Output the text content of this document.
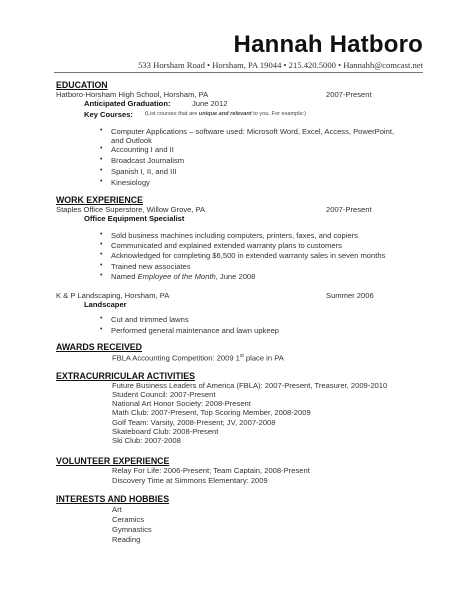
Hannah Hatboro
533 Horsham Road • Horsham, PA 19044 • 215.420.5000 • Hannahh@comcast.net
EDUCATION
Hatboro-Horsham High School, Horsham, PA	2007-Present
Anticipated Graduation:	June 2012
Key Courses: (List courses that are unique and relevant to you. For example:)
• Computer Applications – software used: Microsoft Word, Excel, Access, PowerPoint,
and Outlook
• Accounting I and II
• Broadcast Journalism
• Spanish I, II, and III
• Kinesiology
WORK EXPERIENCE
Staples Office Superstore, Willow Grove, PA	2007-Present
Office Equipment Specialist
• Sold business machines including computers, printers, faxes, and copiers
• Communicated and explained extended warranty plans to customers
• Acknowledged for completing $6,500 in extended warranty sales in seven months
• Trained new associates
• Named Employee of the Month, June 2008
K & P Landscaping, Horsham, PA	Summer 2006
Landscaper
• Cut and trimmed lawns
• Performed general maintenance and lawn upkeep
AWARDS RECEIVED
FBLA Accounting Competition: 2009 1st place in PA
EXTRACURRICULAR ACTIVITIES
Future Business Leaders of America (FBLA): 2007-Present, Treasurer, 2009-2010
Student Council: 2007-Present
National Art Honor Society: 2008-Present
Math Club: 2007-Present, Top Scoring Member, 2008-2009
Golf Team: Varsity, 2008-Present; JV, 2007-2008
Skateboard Club: 2008-Present
Ski Club: 2007-2008
VOLUNTEER EXPERIENCE
Relay For Life: 2006-Present; Team Captain, 2008-Present
Discovery Time at Simmons Elementary: 2009
INTERESTS AND HOBBIES
Art
Ceramics
Gymnastics
Reading
